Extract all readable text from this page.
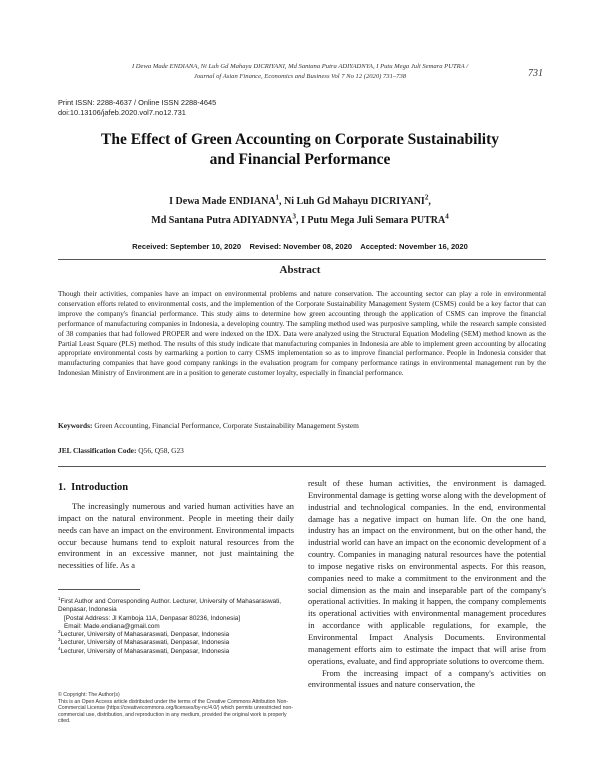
I Dewa Made ENDIANA, Ni Luh Gd Mahayu DICRIYANI, Md Santana Putra ADIYADNYA, I Putu Mega Juli Semara PUTRA /
Journal of Asian Finance, Economics and Business Vol 7 No 12 (2020) 731–738	731
Print ISSN: 2288-4637 / Online ISSN 2288-4645
doi:10.13106/jafeb.2020.vol7.no12.731
The Effect of Green Accounting on Corporate Sustainability
and Financial Performance
I Dewa Made ENDIANA$^1$, Ni Luh Gd Mahayu DICRIYANI$^2$,
Md Santana Putra ADIYADNYA$^3$, I Putu Mega Juli Semara PUTRA$^4$
Received: September 10, 2020    Revised: November 08, 2020    Accepted: November 16, 2020
Abstract
Though their activities, companies have an impact on environmental problems and nature conservation. The accounting sector can play a role in environmental conservation efforts related to environmental costs, and the implemention of the Corporate Sustainability Management System (CSMS) could be a key factor that can improve the company's financial performance. This study aims to determine how green accounting through the application of CSMS can improve the financial performance of manufacturing companies in Indonesia, a developing country. The sampling method used was purposive sampling, while the research sample consisted of 38 companies that had followed PROPER and were indexed on the IDX. Data were analyzed using the Structural Equation Modeling (SEM) method known as the Partial Least Square (PLS) method. The results of this study indicate that manufacturing companies in Indonesia are able to implement green accounting by allocating appropriate environmental costs by earmarking a portion to carry CSMS implementation so as to improve financial performance. People in Indonesia consider that manufacturing companies that have good company rankings in the evaluation program for company performance ratings in environmental management run by the Indonesian Ministry of Environment are in a position to generate customer loyalty, especially in financial performance.
Keywords: Green Accounting, Financial Performance, Corporate Sustainability Management System
JEL Classification Code: Q56, Q58, G23
1.  Introduction

The increasingly numerous and varied human activities have an impact on the natural environment. People in meeting their daily needs can have an impact on the environment. Environmental impacts occur because humans tend to exploit natural resources from the environment in an excessive manner, not just maintaining the necessities of life. As a

result of these human activities, the environment is damaged. Environmental damage is getting worse along with the development of industrial and technological companies. In the end, environmental damage has a negative impact on human life. On the one hand, industry has an impact on the environment, but on the other hand, the industrial world can have an impact on the economic development of a country. Companies in managing natural resources have the potential to impose negative risks on environmental aspects. For this reason, companies need to make a commitment to the environment and the social dimension as the main and inseparable part of the company's operational activities. In making it happen, the company complements its operational activities with environmental management procedures in accordance with applicable regulations, for example, the Environmental Impact Analysis Documents. Environmental management efforts aim to estimate the impact that will arise from operations, evaluate, and find appropriate solutions to overcome them.

From the increasing impact of a company's activities on environmental issues and nature conservation, the

$^1$First Author and Corresponding Author. Lecturer, University of Mahasaraswati, Denpasar, Indonesia

[Postal Address: Jl Kamboja 11A, Denpasar 80236, Indonesia]

Email: Made.endiana@gmail.com

$^2$Lecturer, University of Mahasaraswati, Denpasar, Indonesia

$^3$Lecturer, University of Mahasaraswati, Denpasar, Indonesia

$^4$Lecturer, University of Mahasaraswati, Denpasar, Indonesia

© Copyright: The Author(s)
This is an Open Access article distributed under the terms of the Creative Commons Attribution Non-Commercial License (https://creativecommons.org/licenses/by-nc/4.0/) which permits unrestricted non-commercial use, distribution, and reproduction in any medium, provided the original work is properly cited.
